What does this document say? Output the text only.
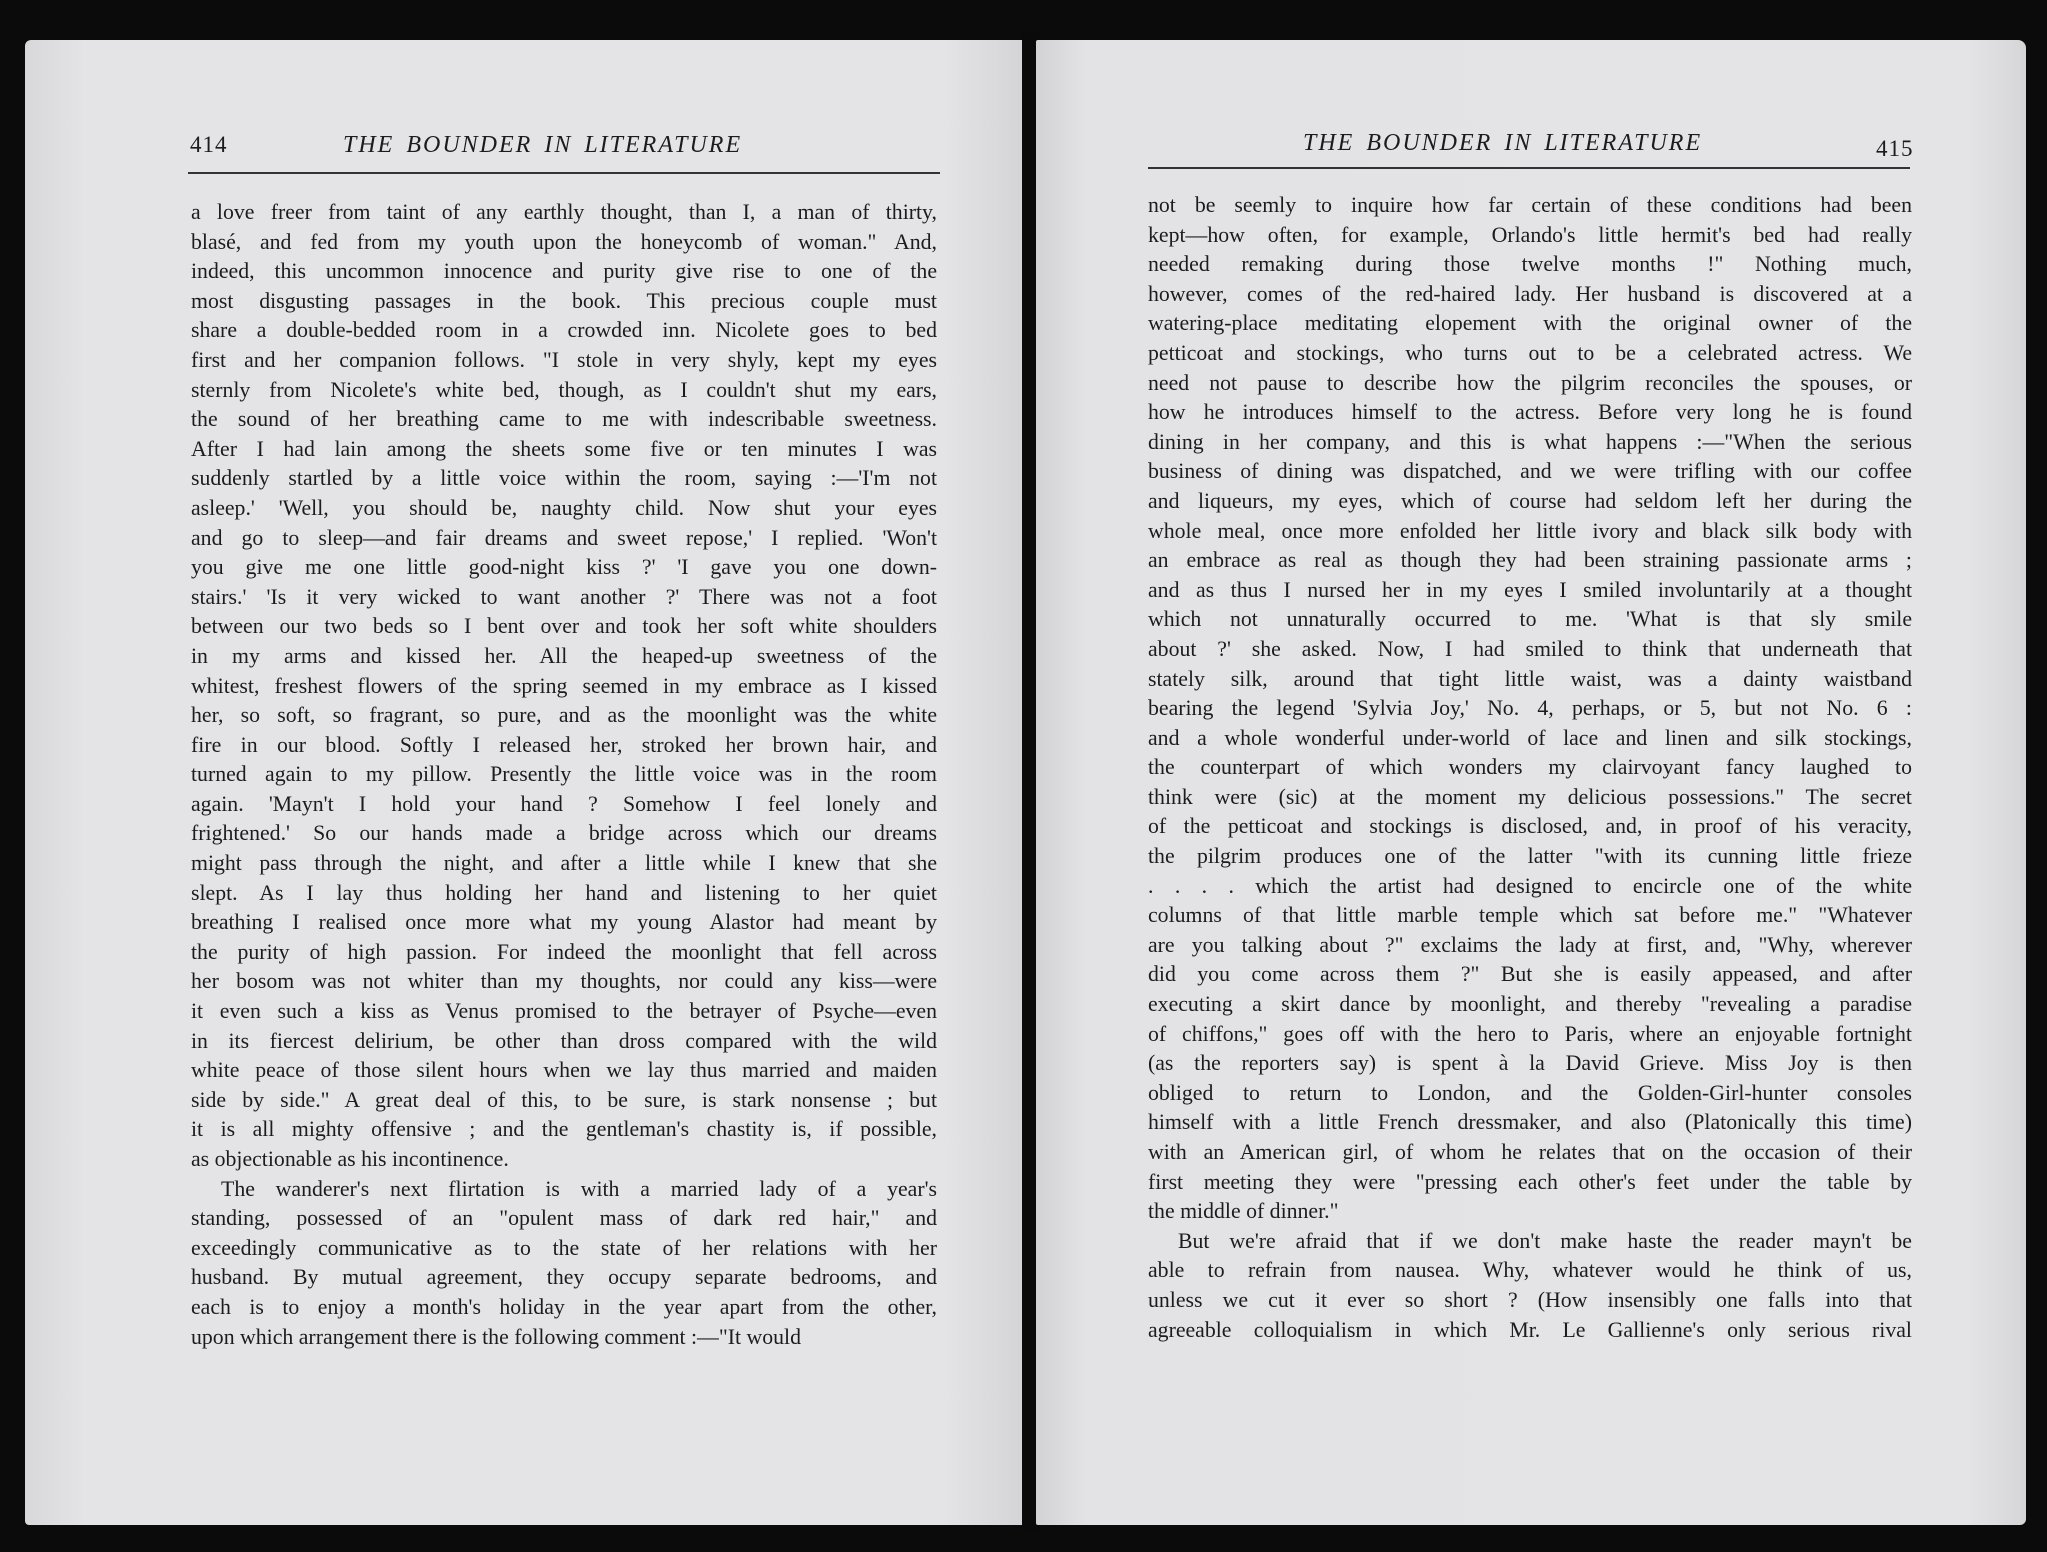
414	THE BOUNDER IN LITERATURE
a love freer from taint of any earthly thought, than I, a man of thirty,
blasé, and fed from my youth upon the honeycomb of woman." And,
indeed, this uncommon innocence and purity give rise to one of the
most disgusting passages in the book. This precious couple must
share a double-bedded room in a crowded inn. Nicolete goes to bed
first and her companion follows. "I stole in very shyly, kept my eyes
sternly from Nicolete's white bed, though, as I couldn't shut my ears,
the sound of her breathing came to me with indescribable sweetness.
After I had lain among the sheets some five or ten minutes I was
suddenly startled by a little voice within the room, saying :—'I'm not
asleep.' 'Well, you should be, naughty child. Now shut your eyes
and go to sleep—and fair dreams and sweet repose,' I replied. 'Won't
you give me one little good-night kiss ?' 'I gave you one down-
stairs.' 'Is it very wicked to want another ?' There was not a foot
between our two beds so I bent over and took her soft white shoulders
in my arms and kissed her. All the heaped-up sweetness of the
whitest, freshest flowers of the spring seemed in my embrace as I kissed
her, so soft, so fragrant, so pure, and as the moonlight was the white
fire in our blood. Softly I released her, stroked her brown hair, and
turned again to my pillow. Presently the little voice was in the room
again. 'Mayn't I hold your hand ? Somehow I feel lonely and
frightened.' So our hands made a bridge across which our dreams
might pass through the night, and after a little while I knew that she
slept. As I lay thus holding her hand and listening to her quiet
breathing I realised once more what my young Alastor had meant by
the purity of high passion. For indeed the moonlight that fell across
her bosom was not whiter than my thoughts, nor could any kiss—were
it even such a kiss as Venus promised to the betrayer of Psyche—even
in its fiercest delirium, be other than dross compared with the wild
white peace of those silent hours when we lay thus married and maiden
side by side." A great deal of this, to be sure, is stark nonsense ; but
it is all mighty offensive ; and the gentleman's chastity is, if possible,
as objectionable as his incontinence.
The wanderer's next flirtation is with a married lady of a year's
standing, possessed of an "opulent mass of dark red hair," and
exceedingly communicative as to the state of her relations with her
husband. By mutual agreement, they occupy separate bedrooms, and
each is to enjoy a month's holiday in the year apart from the other,
upon which arrangement there is the following comment :—"It would
THE BOUNDER IN LITERATURE	415
not be seemly to inquire how far certain of these conditions had been
kept—how often, for example, Orlando's little hermit's bed had really
needed remaking during those twelve months !" Nothing much,
however, comes of the red-haired lady. Her husband is discovered at a
watering-place meditating elopement with the original owner of the
petticoat and stockings, who turns out to be a celebrated actress. We
need not pause to describe how the pilgrim reconciles the spouses, or
how he introduces himself to the actress. Before very long he is found
dining in her company, and this is what happens :—"When the serious
business of dining was dispatched, and we were trifling with our coffee
and liqueurs, my eyes, which of course had seldom left her during the
whole meal, once more enfolded her little ivory and black silk body with
an embrace as real as though they had been straining passionate arms ;
and as thus I nursed her in my eyes I smiled involuntarily at a thought
which not unnaturally occurred to me. 'What is that sly smile
about ?' she asked. Now, I had smiled to think that underneath that
stately silk, around that tight little waist, was a dainty waistband
bearing the legend 'Sylvia Joy,' No. 4, perhaps, or 5, but not No. 6 :
and a whole wonderful under-world of lace and linen and silk stockings,
the counterpart of which wonders my clairvoyant fancy laughed to
think were (sic) at the moment my delicious possessions." The secret
of the petticoat and stockings is disclosed, and, in proof of his veracity,
the pilgrim produces one of the latter "with its cunning little frieze
. . . . which the artist had designed to encircle one of the white
columns of that little marble temple which sat before me." "Whatever
are you talking about ?" exclaims the lady at first, and, "Why, wherever
did you come across them ?" But she is easily appeased, and after
executing a skirt dance by moonlight, and thereby "revealing a paradise
of chiffons," goes off with the hero to Paris, where an enjoyable fortnight
(as the reporters say) is spent à la David Grieve. Miss Joy is then
obliged to return to London, and the Golden-Girl-hunter consoles
himself with a little French dressmaker, and also (Platonically this time)
with an American girl, of whom he relates that on the occasion of their
first meeting they were "pressing each other's feet under the table by
the middle of dinner."
But we're afraid that if we don't make haste the reader mayn't be
able to refrain from nausea. Why, whatever would he think of us,
unless we cut it ever so short ? (How insensibly one falls into that
agreeable colloquialism in which Mr. Le Gallienne's only serious rival
